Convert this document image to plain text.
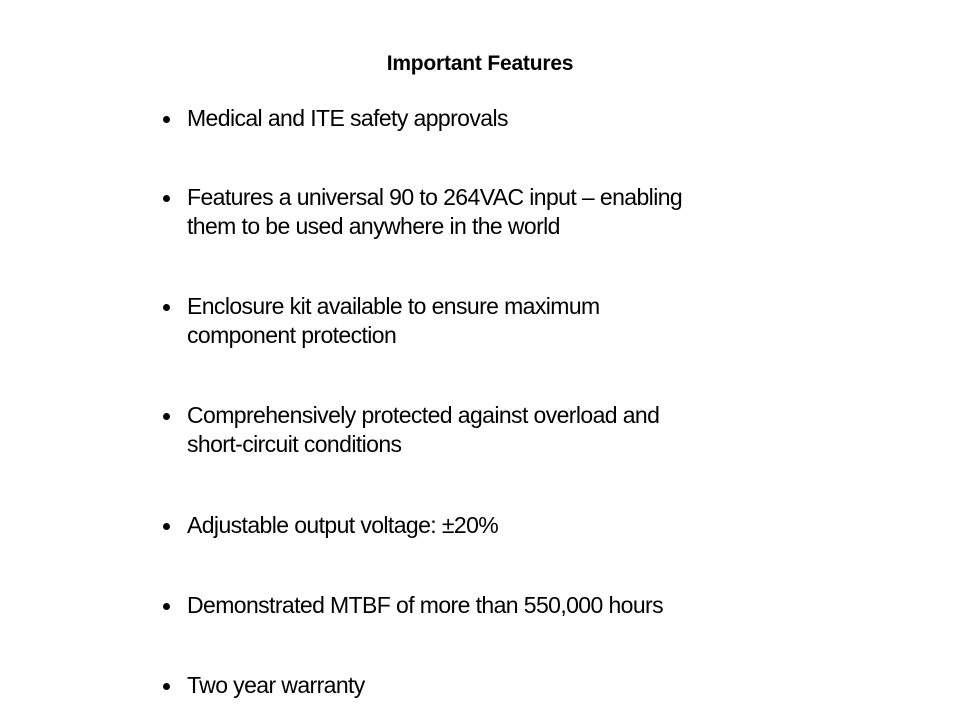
Important Features
Medical and ITE safety approvals
Features a universal 90 to 264VAC input – enabling
them to be used anywhere in the world
Enclosure kit available to ensure maximum
component protection
Comprehensively protected against overload and
short-circuit conditions
Adjustable output voltage: ±20%
Demonstrated MTBF of more than 550,000 hours
Two year warranty
